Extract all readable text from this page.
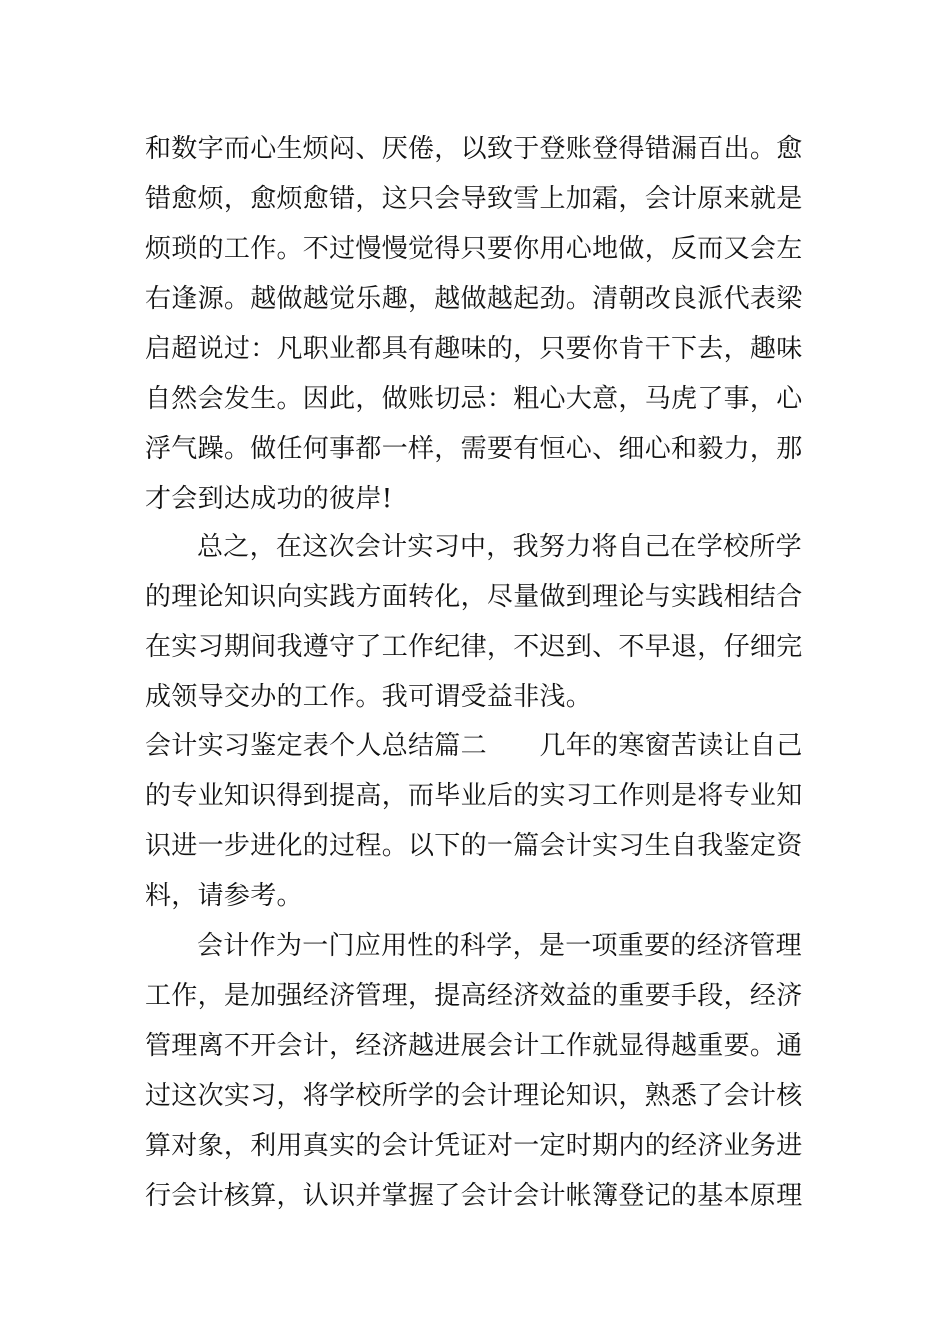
和数字而心生烦闷、厌倦，以致于登账登得错漏百出。愈
错愈烦，愈烦愈错，这只会导致雪上加霜，会计原来就是
烦琐的工作。不过慢慢觉得只要你用心地做，反而又会左
右逢源。越做越觉乐趣，越做越起劲。清朝改良派代表梁
启超说过：凡职业都具有趣味的，只要你肯干下去，趣味
自然会发生。因此，做账切忌：粗心大意，马虎了事，心
浮气躁。做任何事都一样，需要有恒心、细心和毅力，那
才会到达成功的彼岸!
总之，在这次会计实习中，我努力将自己在学校所学
的理论知识向实践方面转化，尽量做到理论与实践相结合
在实习期间我遵守了工作纪律，不迟到、不早退，仔细完
成领导交办的工作。我可谓受益非浅。
会计实习鉴定表个人总结篇二　　几年的寒窗苦读让自己
的专业知识得到提高，而毕业后的实习工作则是将专业知
识进一步进化的过程。以下的一篇会计实习生自我鉴定资
料，请参考。
会计作为一门应用性的科学，是一项重要的经济管理
工作，是加强经济管理，提高经济效益的重要手段，经济
管理离不开会计，经济越进展会计工作就显得越重要。通
过这次实习，将学校所学的会计理论知识，熟悉了会计核
算对象，利用真实的会计凭证对一定时期内的经济业务进
行会计核算，认识并掌握了会计会计帐簿登记的基本原理
